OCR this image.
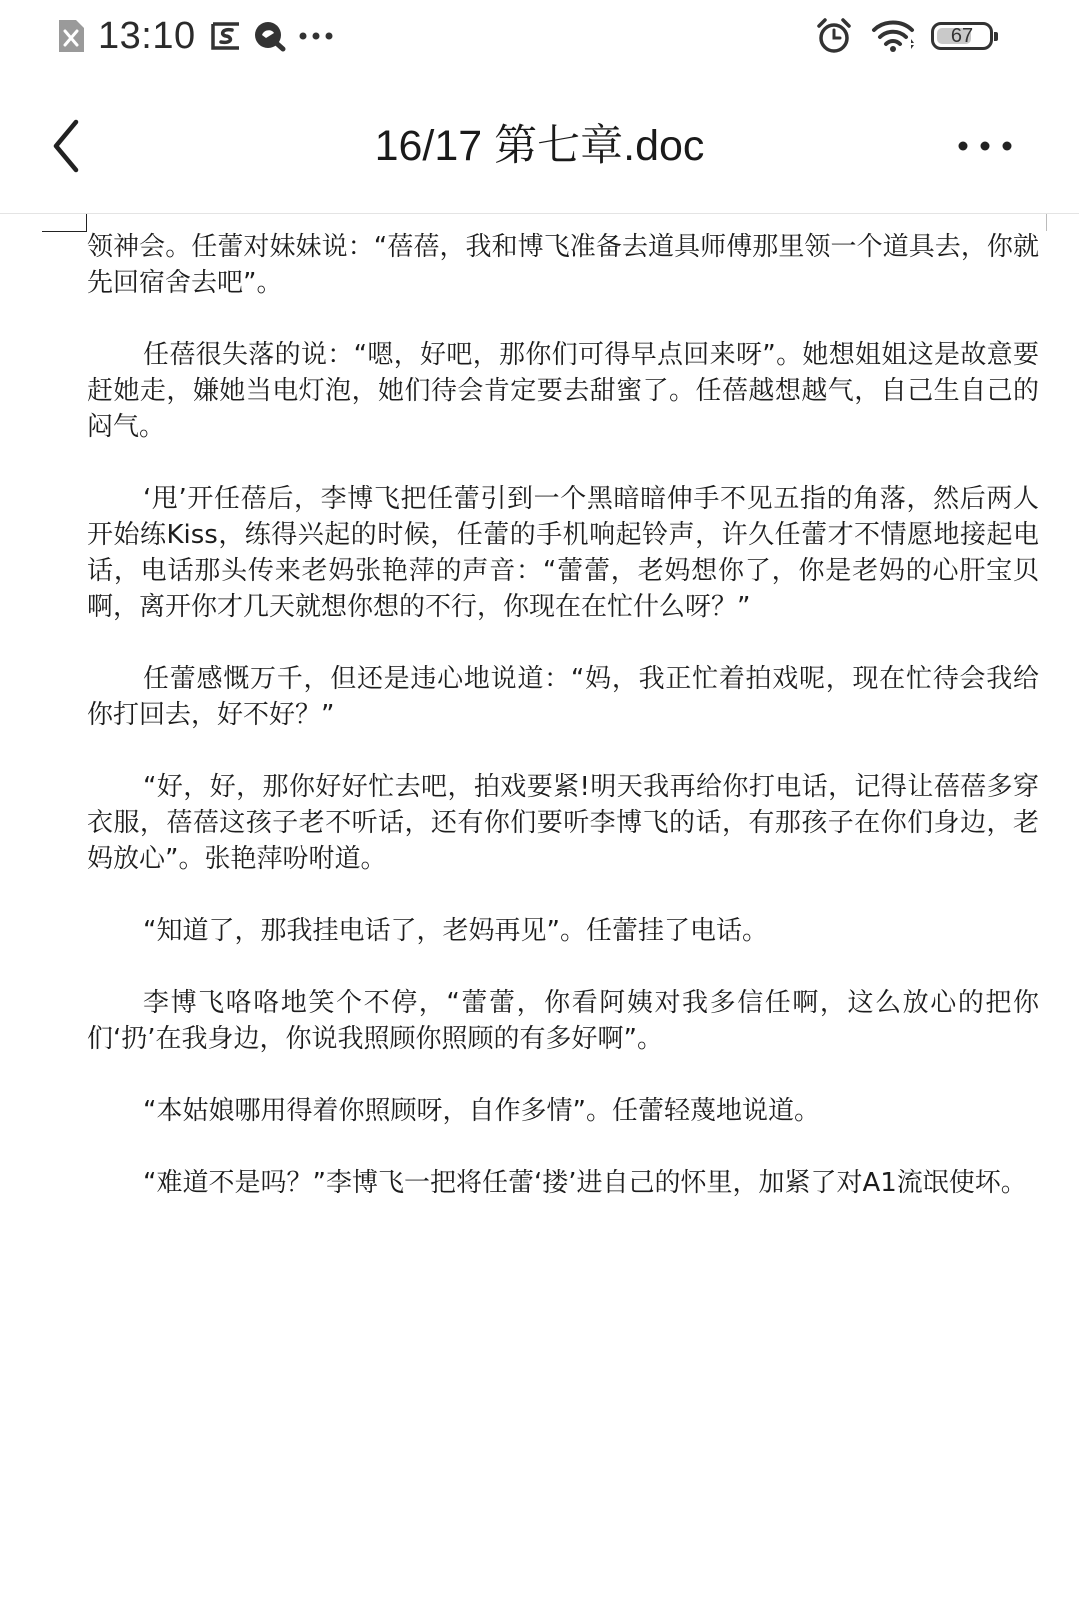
13:10	67
16/17 第七章.doc

领神会。任蕾对妹妹说：“蓓蓓，我和博飞准备去道具师傅那里领一个道具去，你就先回宿舍去吧”。

任蓓很失落的说：“嗯，好吧，那你们可得早点回来呀”。她想姐姐这是故意要赶她走，嫌她当电灯泡，她们待会肯定要去甜蜜了。任蓓越想越气，自己生自己的闷气。

‘甩’开任蓓后，李博飞把任蕾引到一个黑暗暗伸手不见五指的角落，然后两人开始练Kiss，练得兴起的时候，任蕾的手机响起铃声，许久任蕾才不情愿地接起电话，电话那头传来老妈张艳萍的声音：“蕾蕾，老妈想你了，你是老妈的心肝宝贝啊，离开你才几天就想你想的不行，你现在在忙什么呀？”

任蕾感慨万千，但还是违心地说道：“妈，我正忙着拍戏呢，现在忙待会我给你打回去，好不好？”

“好，好，那你好好忙去吧，拍戏要紧!明天我再给你打电话，记得让蓓蓓多穿衣服，蓓蓓这孩子老不听话，还有你们要听李博飞的话，有那孩子在你们身边，老妈放心”。张艳萍吩咐道。

“知道了，那我挂电话了，老妈再见”。任蕾挂了电话。

李博飞咯咯地笑个不停，“蕾蕾，你看阿姨对我多信任啊，这么放心的把你们‘扔’在我身边，你说我照顾你照顾的有多好啊”。

“本姑娘哪用得着你照顾呀，自作多情”。任蕾轻蔑地说道。

“难道不是吗？”李博飞一把将任蕾‘搂’进自己的怀里，加紧了对A1流氓使坏。
